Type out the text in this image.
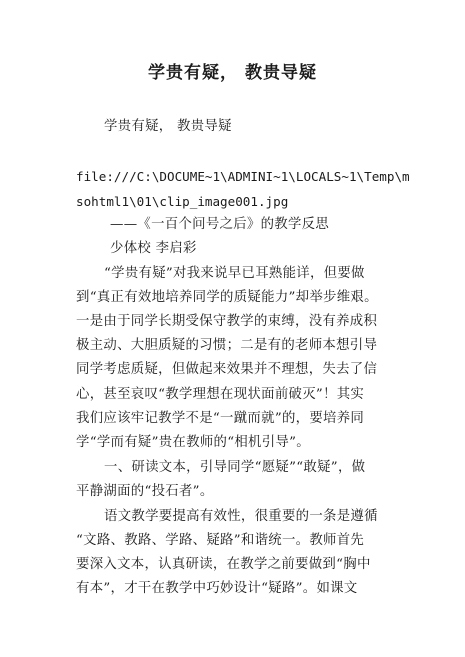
学贵有疑， 教贵导疑
学贵有疑， 教贵导疑
file:///C:\DOCUME~1\ADMINI~1\LOCALS~1\Temp\m
sohtml1\01\clip_image001.jpg
——《一百个问号之后》的教学反思
少体校 李启彩
“学贵有疑”对我来说早已耳熟能详，但要做
到“真正有效地培养同学的质疑能力”却举步维艰。
一是由于同学长期受保守教学的束缚，没有养成积
极主动、大胆质疑的习惯；二是有的老师本想引导
同学考虑质疑，但做起来效果并不理想，失去了信
心，甚至哀叹“教学理想在现状面前破灭”！其实
我们应该牢记教学不是“一蹴而就”的，要培养同
学“学而有疑”贵在教师的“相机引导”。
一、研读文本，引导同学“愿疑”“敢疑”，做
平静湖面的“投石者”。
语文教学要提高有效性，很重要的一条是遵循
“文路、教路、学路、疑路”和谐统一。教师首先
要深入文本，认真研读，在教学之前要做到“胸中
有本”，才干在教学中巧妙设计“疑路”。如课文
